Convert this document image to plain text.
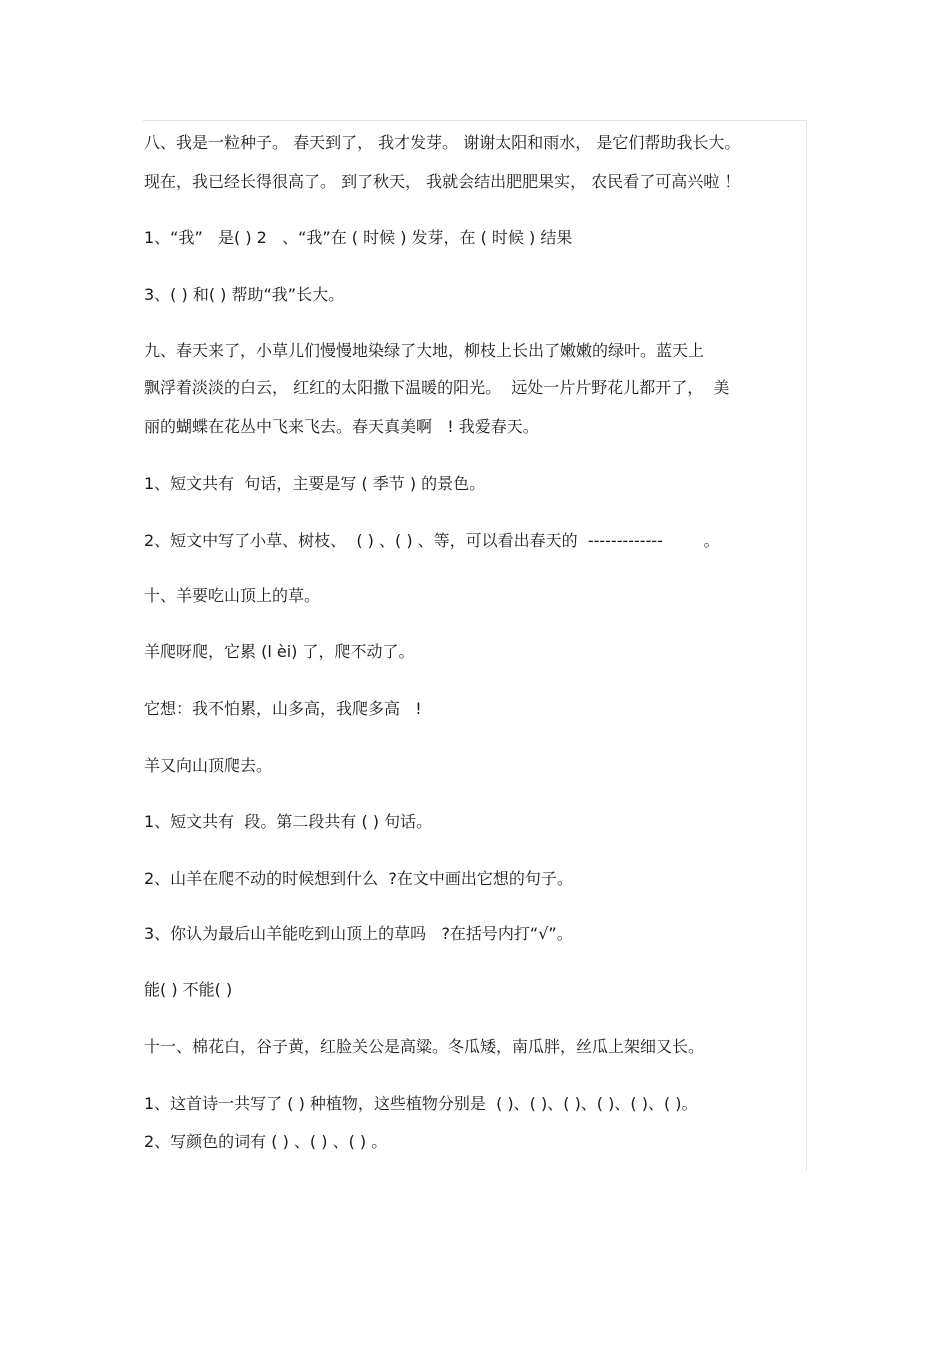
八、我是一粒种子。 春天到了， 我才发芽。 谢谢太阳和雨水， 是它们帮助我长大。
现在，我已经长得很高了。 到了秋天， 我就会结出肥肥果实， 农民看了可高兴啦 ！
1、“我”   是( ) 2   、“我”在 ( 时候 ) 发芽，在 ( 时候 ) 结果
3、( ) 和( ) 帮助“我”长大。
九、春天来了，小草儿们慢慢地染绿了大地，柳枝上长出了嫩嫩的绿叶。蓝天上
飘浮着淡淡的白云， 红红的太阳撒下温暖的阳光。  远处一片片野花儿都开了，  美
丽的蝴蝶在花丛中飞来飞去。春天真美啊   ! 我爱春天。
1、短文共有  句话，主要是写 ( 季节 ) 的景色。
2、短文中写了小草、树枝、  ( ) 、( ) 、等，可以看出春天的  -------------        。
十、羊要吃山顶上的草。
羊爬呀爬，它累 (l èi) 了，爬不动了。
它想：我不怕累，山多高，我爬多高   !
羊又向山顶爬去。
1、短文共有  段。第二段共有 ( ) 句话。
2、山羊在爬不动的时候想到什么  ?在文中画出它想的句子。
3、你认为最后山羊能吃到山顶上的草吗   ?在括号内打“√”。
能( ) 不能( )
十一、棉花白，谷子黄，红脸关公是高粱。冬瓜矮，南瓜胖，丝瓜上架细又长。
1、这首诗一共写了 ( ) 种植物，这些植物分别是  ( )、( )、( )、( )、( )、( )。
2、写颜色的词有 ( ) 、( ) 、( ) 。
